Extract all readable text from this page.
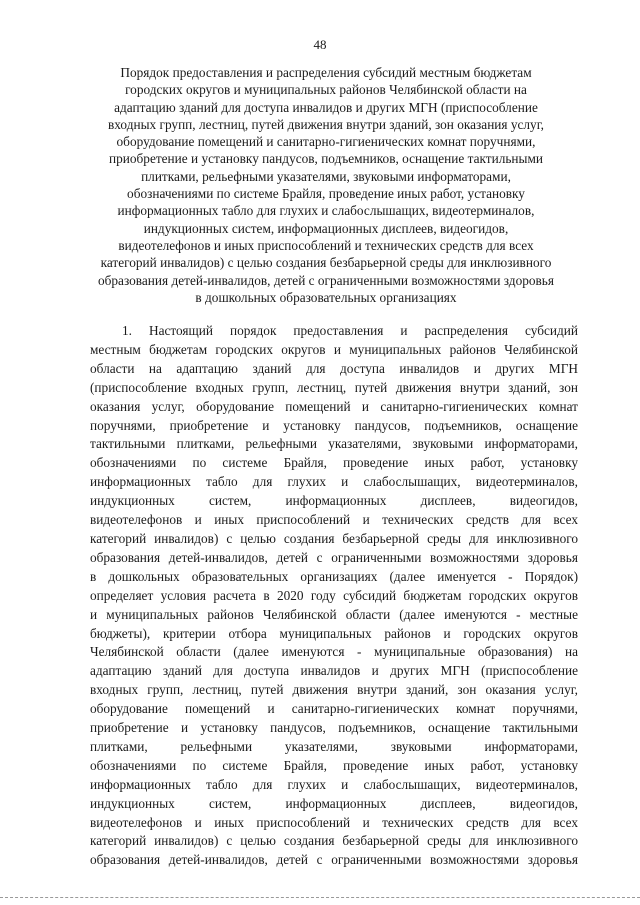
48
Порядок предоставления и распределения субсидий местным бюджетам
городских округов и муниципальных районов Челябинской области на
адаптацию зданий для доступа инвалидов и других МГН (приспособление
входных групп, лестниц, путей движения внутри зданий, зон оказания услуг,
оборудование помещений и санитарно-гигиенических комнат поручнями,
приобретение и установку пандусов, подъемников, оснащение тактильными
плитками, рельефными указателями, звуковыми информаторами,
обозначениями по системе Брайля, проведение иных работ, установку
информационных табло для глухих и слабослышащих, видеотерминалов,
индукционных систем, информационных дисплеев, видеогидов,
видеотелефонов и иных приспособлений и технических средств для всех
категорий инвалидов) с целью создания безбарьерной среды для инклюзивного
образования детей-инвалидов, детей с ограниченными возможностями здоровья
в дошкольных образовательных организациях
1. Настоящий порядок предоставления и распределения субсидий
местным бюджетам городских округов и муниципальных районов Челябинской
области на адаптацию зданий для доступа инвалидов и других МГН
(приспособление входных групп, лестниц, путей движения внутри зданий, зон
оказания услуг, оборудование помещений и санитарно-гигиенических комнат
поручнями, приобретение и установку пандусов, подъемников, оснащение
тактильными плитками, рельефными указателями, звуковыми информаторами,
обозначениями по системе Брайля, проведение иных работ, установку
информационных табло для глухих и слабослышащих, видеотерминалов,
индукционных систем, информационных дисплеев, видеогидов,
видеотелефонов и иных приспособлений и технических средств для всех
категорий инвалидов) с целью создания безбарьерной среды для инклюзивного
образования детей-инвалидов, детей с ограниченными возможностями здоровья
в дошкольных образовательных организациях (далее именуется - Порядок)
определяет условия расчета в 2020 году субсидий бюджетам городских округов
и муниципальных районов Челябинской области (далее именуются - местные
бюджеты), критерии отбора муниципальных районов и городских округов
Челябинской области (далее именуются - муниципальные образования) на
адаптацию зданий для доступа инвалидов и других МГН (приспособление
входных групп, лестниц, путей движения внутри зданий, зон оказания услуг,
оборудование помещений и санитарно-гигиенических комнат поручнями,
приобретение и установку пандусов, подъемников, оснащение тактильными
плитками, рельефными указателями, звуковыми информаторами,
обозначениями по системе Брайля, проведение иных работ, установку
информационных табло для глухих и слабослышащих, видеотерминалов,
индукционных систем, информационных дисплеев, видеогидов,
видеотелефонов и иных приспособлений и технических средств для всех
категорий инвалидов) с целью создания безбарьерной среды для инклюзивного
образования детей-инвалидов, детей с ограниченными возможностями здоровья
